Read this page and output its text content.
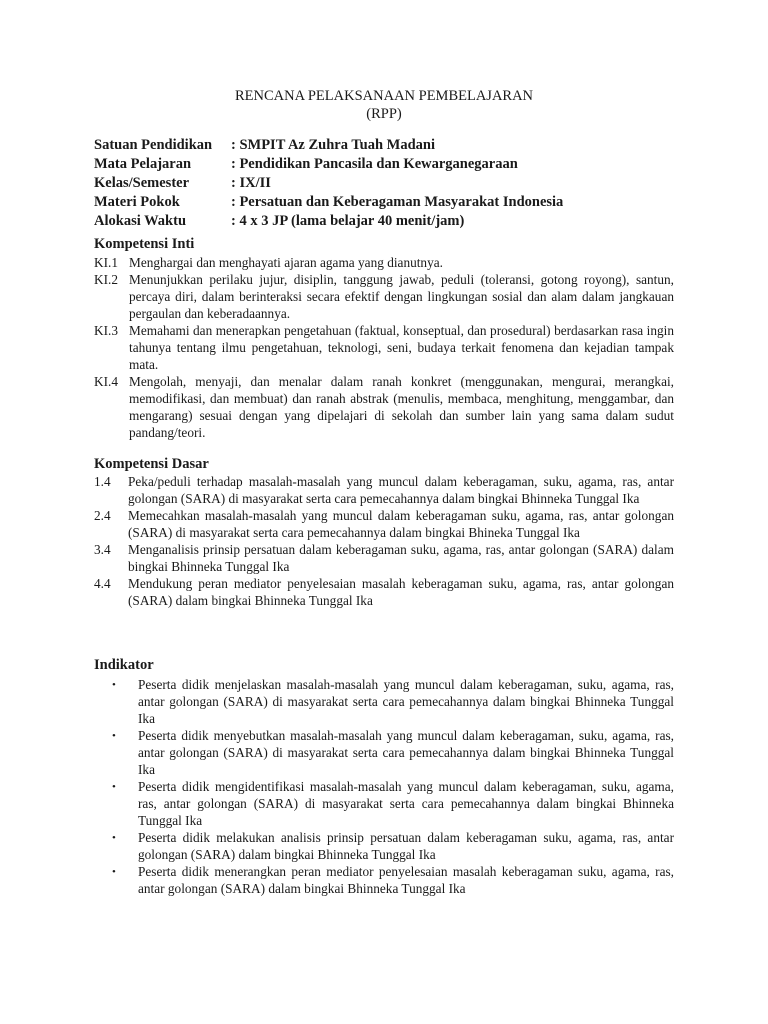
RENCANA PELAKSANAAN PEMBELAJARAN
(RPP)
Satuan Pendidikan	: SMPIT Az Zuhra Tuah Madani
Mata Pelajaran	: Pendidikan Pancasila dan Kewarganegaraan
Kelas/Semester	: IX/II
Materi Pokok	: Persatuan dan Keberagaman Masyarakat Indonesia
Alokasi Waktu	: 4 x 3 JP (lama belajar 40 menit/jam)
Kompetensi Inti
KI.1 Menghargai dan menghayati ajaran agama yang dianutnya.
KI.2 Menunjukkan perilaku jujur, disiplin, tanggung jawab, peduli (toleransi, gotong royong), santun, percaya diri, dalam berinteraksi secara efektif dengan lingkungan sosial dan alam dalam jangkauan pergaulan dan keberadaannya.
KI.3 Memahami dan menerapkan pengetahuan (faktual, konseptual, dan prosedural) berdasarkan rasa ingin tahunya tentang ilmu pengetahuan, teknologi, seni, budaya terkait fenomena dan kejadian tampak mata.
KI.4 Mengolah, menyaji, dan menalar dalam ranah konkret (menggunakan, mengurai, merangkai, memodifikasi, dan membuat) dan ranah abstrak (menulis, membaca, menghitung, menggambar, dan mengarang) sesuai dengan yang dipelajari di sekolah dan sumber lain yang sama dalam sudut pandang/teori.
Kompetensi Dasar
1.4	Peka/peduli terhadap masalah-masalah yang muncul dalam keberagaman, suku, agama, ras, antar golongan (SARA) di masyarakat serta cara pemecahannya dalam bingkai Bhinneka Tunggal Ika
2.4	Memecahkan masalah-masalah yang muncul dalam keberagaman suku, agama, ras, antar golongan (SARA) di masyarakat serta cara pemecahannya dalam bingkai Bhineka Tunggal Ika
3.4	Menganalisis prinsip persatuan dalam keberagaman suku, agama, ras, antar golongan (SARA) dalam bingkai Bhinneka Tunggal Ika
4.4	Mendukung peran mediator penyelesaian masalah keberagaman suku, agama, ras, antar golongan (SARA) dalam bingkai Bhinneka Tunggal Ika
Indikator
•	Peserta didik menjelaskan masalah-masalah yang muncul dalam keberagaman, suku, agama, ras, antar golongan (SARA) di masyarakat serta cara pemecahannya dalam bingkai Bhinneka Tunggal Ika
•	Peserta didik menyebutkan masalah-masalah yang muncul dalam keberagaman, suku, agama, ras, antar golongan (SARA) di masyarakat serta cara pemecahannya dalam bingkai Bhinneka Tunggal Ika
•	Peserta didik mengidentifikasi masalah-masalah yang muncul dalam keberagaman, suku, agama, ras, antar golongan (SARA) di masyarakat serta cara pemecahannya dalam bingkai Bhinneka Tunggal Ika
•	Peserta didik melakukan analisis prinsip persatuan dalam keberagaman suku, agama, ras, antar golongan (SARA) dalam bingkai Bhinneka Tunggal Ika
•	Peserta didik menerangkan peran mediator penyelesaian masalah keberagaman suku, agama, ras, antar golongan (SARA) dalam bingkai Bhinneka Tunggal Ika
